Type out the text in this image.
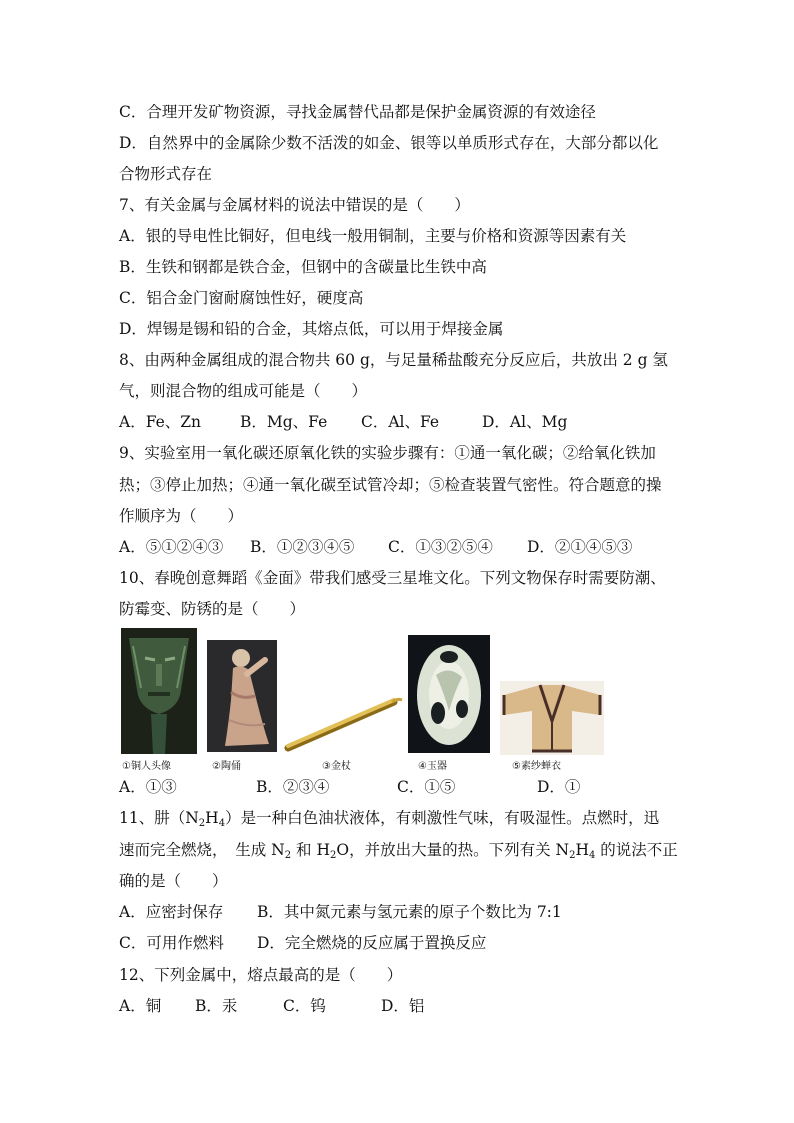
C．合理开发矿物资源，寻找金属替代品都是保护金属资源的有效途径
D．自然界中的金属除少数不活泼的如金、银等以单质形式存在，大部分都以化
合物形式存在
7、有关金属与金属材料的说法中错误的是（　　）
A．银的导电性比铜好，但电线一般用铜制，主要与价格和资源等因素有关
B．生铁和钢都是铁合金，但钢中的含碳量比生铁中高
C．铝合金门窗耐腐蚀性好，硬度高
D．焊锡是锡和铅的合金，其熔点低，可以用于焊接金属
8、由两种金属组成的混合物共 60 g，与足量稀盐酸充分反应后，共放出 2 g 氢
气，则混合物的组成可能是（　　）
A．Fe、Zn	B．Mg、Fe C．Al、Fe	D．Al、Mg
9、实验室用一氧化碳还原氧化铁的实验步骤有：①通一氧化碳；②给氧化铁加
热；③停止加热；④通一氧化碳至试管冷却；⑤检查装置气密性。符合题意的操
作顺序为（　　）
A．⑤①②④③ B．①②③④⑤ C．①③②⑤④ D．②①④⑤③
10、春晚创意舞蹈《金面》带我们感受三星堆文化。下列文物保存时需要防潮、
防霉变、防锈的是（　　）
①铜人头像	②陶俑	③金杖	④玉器	⑤素纱蝉衣
A．①③	B．②③④	C．①⑤	D．①
11、肼$(N_2H_4)$是一种白色油状液体，有刺激性气味，有吸湿性。点燃时，迅
速而完全燃烧，　生成 $N_2$ 和 $H_2O$，并放出大量的热。下列有关 $N_2H_4$ 的说法不正
确的是（　　）
A．应密封保存 B．其中氮元素与氢元素的原子个数比为 7:1
C．可用作燃料 D．完全燃烧的反应属于置换反应
12、下列金属中，熔点最高的是（　　）
A．铜 B．汞	C．钨	D．铝
